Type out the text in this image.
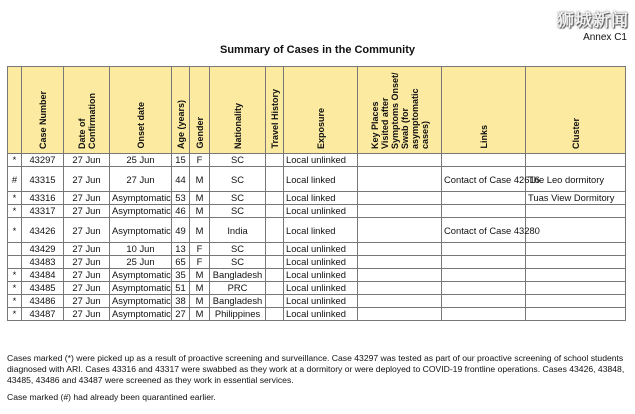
狮城新闻
Annex C1
Summary of Cases in the Community

	Case Number	Date of Confirmation	Onset date	Age (years)	Gender	Nationality	Travel History	Exposure	Key Places Visited after Symptoms Onset/ Swab (for asymptomatic cases)	Links	Cluster

*	43297	27 Jun	25 Jun	15	F	SC		Local unlinked			
#	43315	27 Jun	27 Jun	44	M	SC		Local linked		Contact of Case 42616	The Leo dormitory
*	43316	27 Jun	Asymptomatic	53	M	SC		Local linked			Tuas View Dormitory
*	43317	27 Jun	Asymptomatic	46	M	SC		Local unlinked			
*	43426	27 Jun	Asymptomatic	49	M	India		Local linked		Contact of Case 43280	
	43429	27 Jun	10 Jun	13	F	SC		Local unlinked			
	43483	27 Jun	25 Jun	65	F	SC		Local unlinked			
*	43484	27 Jun	Asymptomatic	35	M	Bangladesh		Local unlinked			
*	43485	27 Jun	Asymptomatic	51	M	PRC		Local unlinked			
*	43486	27 Jun	Asymptomatic	38	M	Bangladesh		Local unlinked			
*	43487	27 Jun	Asymptomatic	27	M	Philippines		Local unlinked			

Cases marked (*) were picked up as a result of proactive screening and surveillance. Case 43297 was tested as part of our proactive screening of school students diagnosed with ARI. Cases 43316 and 43317 were swabbed as they work at a dormitory or were deployed to COVID-19 frontline operations. Cases 43426, 43848, 43485, 43486 and 43487 were screened as they work in essential services.

Case marked (#) had already been quarantined earlier.
